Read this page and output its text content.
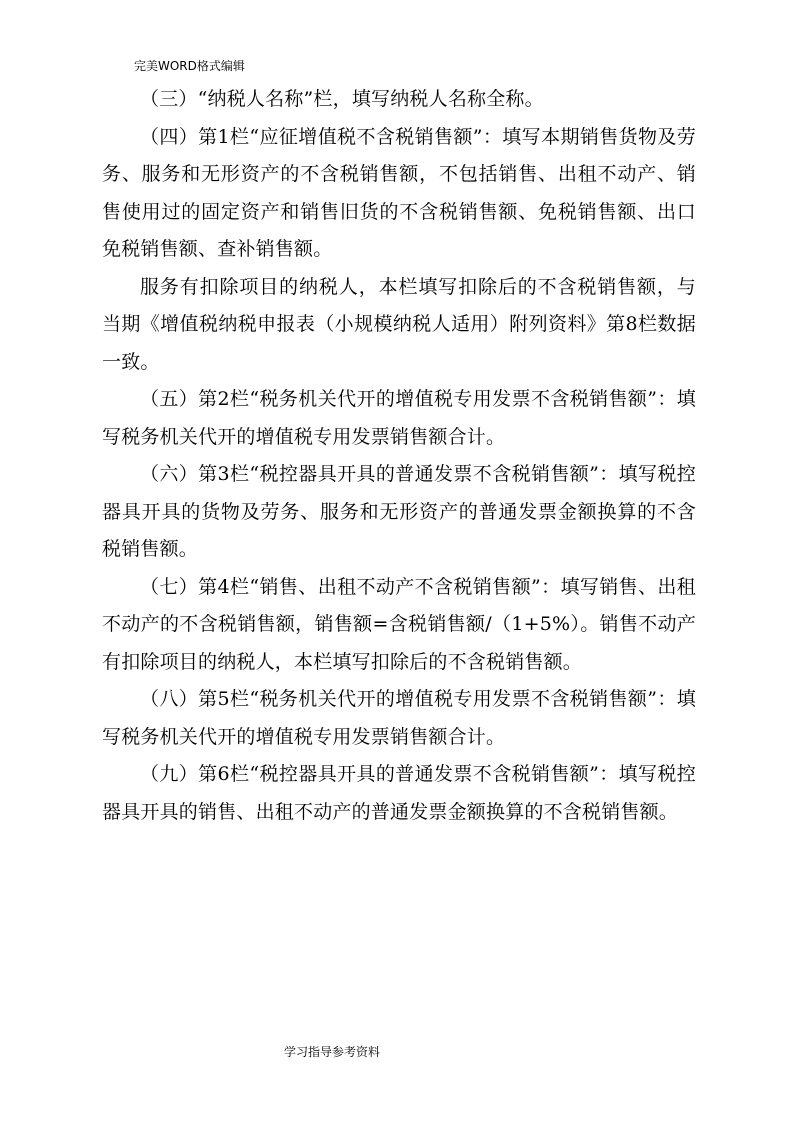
完美WORD格式编辑

（三）“纳税人名称”栏，填写纳税人名称全称。

（四）第1栏“应征增值税不含税销售额”：填写本期销售货物及劳务、服务和无形资产的不含税销售额，不包括销售、出租不动产、销售使用过的固定资产和销售旧货的不含税销售额、免税销售额、出口免税销售额、查补销售额。

服务有扣除项目的纳税人，本栏填写扣除后的不含税销售额，与当期《增值税纳税申报表（小规模纳税人适用）附列资料》第8栏数据一致。

（五）第2栏“税务机关代开的增值税专用发票不含税销售额”：填写税务机关代开的增值税专用发票销售额合计。

（六）第3栏“税控器具开具的普通发票不含税销售额”：填写税控器具开具的货物及劳务、服务和无形资产的普通发票金额换算的不含税销售额。

（七）第4栏“销售、出租不动产不含税销售额”：填写销售、出租不动产的不含税销售额，销售额=含税销售额/（1+5%）。销售不动产有扣除项目的纳税人，本栏填写扣除后的不含税销售额。

（八）第5栏“税务机关代开的增值税专用发票不含税销售额”：填写税务机关代开的增值税专用发票销售额合计。

（九）第6栏“税控器具开具的普通发票不含税销售额”：填写税控器具开具的销售、出租不动产的普通发票金额换算的不含税销售额。

学习指导参考资料
